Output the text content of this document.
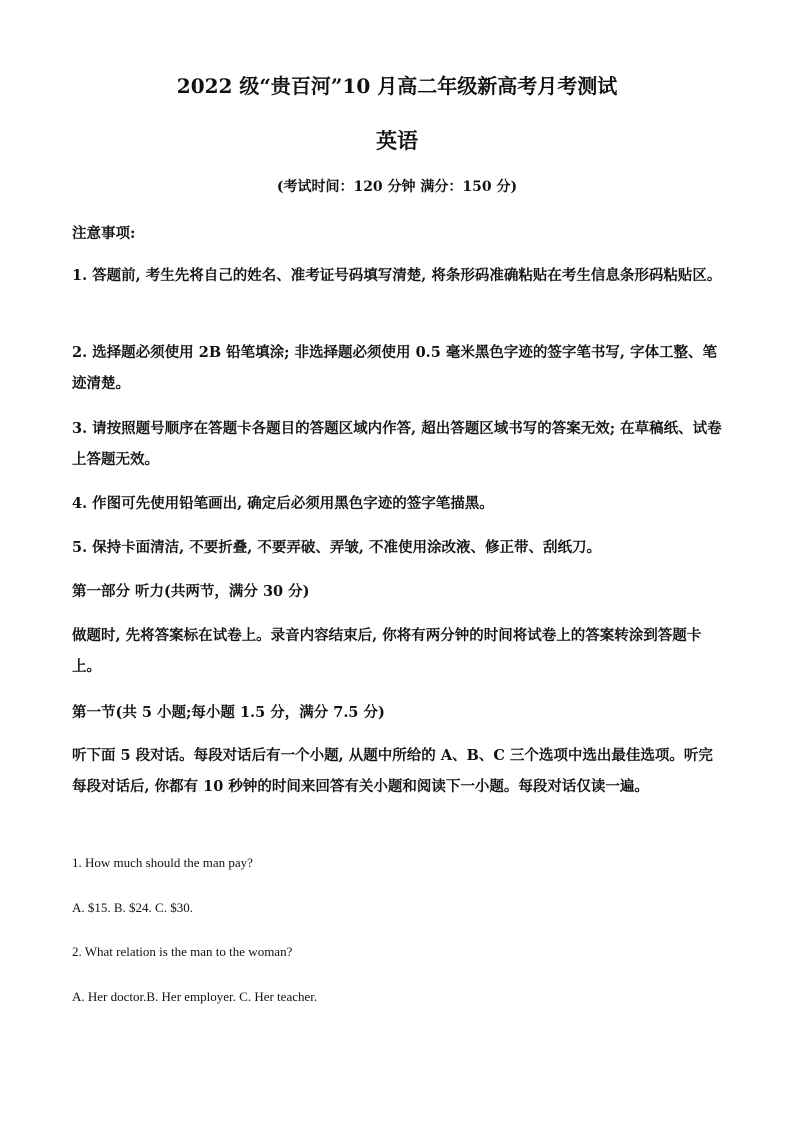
2022 级“贵百河”10 月高二年级新高考月考测试
英语
(考试时间：120 分钟 满分：150 分)

注意事项:

1. 答题前, 考生先将自己的姓名、准考证号码填写清楚, 将条形码准确粘贴在考生信息条形码粘贴区。

2. 选择题必须使用 2B 铅笔填涂; 非选择题必须使用 0.5 毫米黑色字迹的签字笔书写, 字体工整、笔迹清楚。

3. 请按照题号顺序在答题卡各题目的答题区域内作答, 超出答题区域书写的答案无效; 在草稿纸、试卷上答题无效。

4. 作图可先使用铅笔画出, 确定后必须用黑色字迹的签字笔描黑。

5. 保持卡面清洁, 不要折叠, 不要弄破、弄皱, 不准使用涂改液、修正带、刮纸刀。

第一部分 听力(共两节，满分 30 分)

做题时, 先将答案标在试卷上。录音内容结束后, 你将有两分钟的时间将试卷上的答案转涂到答题卡上。

第一节(共 5 小题;每小题 1.5 分，满分 7.5 分)

听下面 5 段对话。每段对话后有一个小题, 从题中所给的 A、B、C 三个选项中选出最佳选项。听完每段对话后, 你都有 10 秒钟的时间来回答有关小题和阅读下一小题。每段对话仅读一遍。

1. How much should the man pay?

A. $15. B. $24. C. $30.

2. What relation is the man to the woman?

A. Her doctor.B. Her employer. C. Her teacher.
